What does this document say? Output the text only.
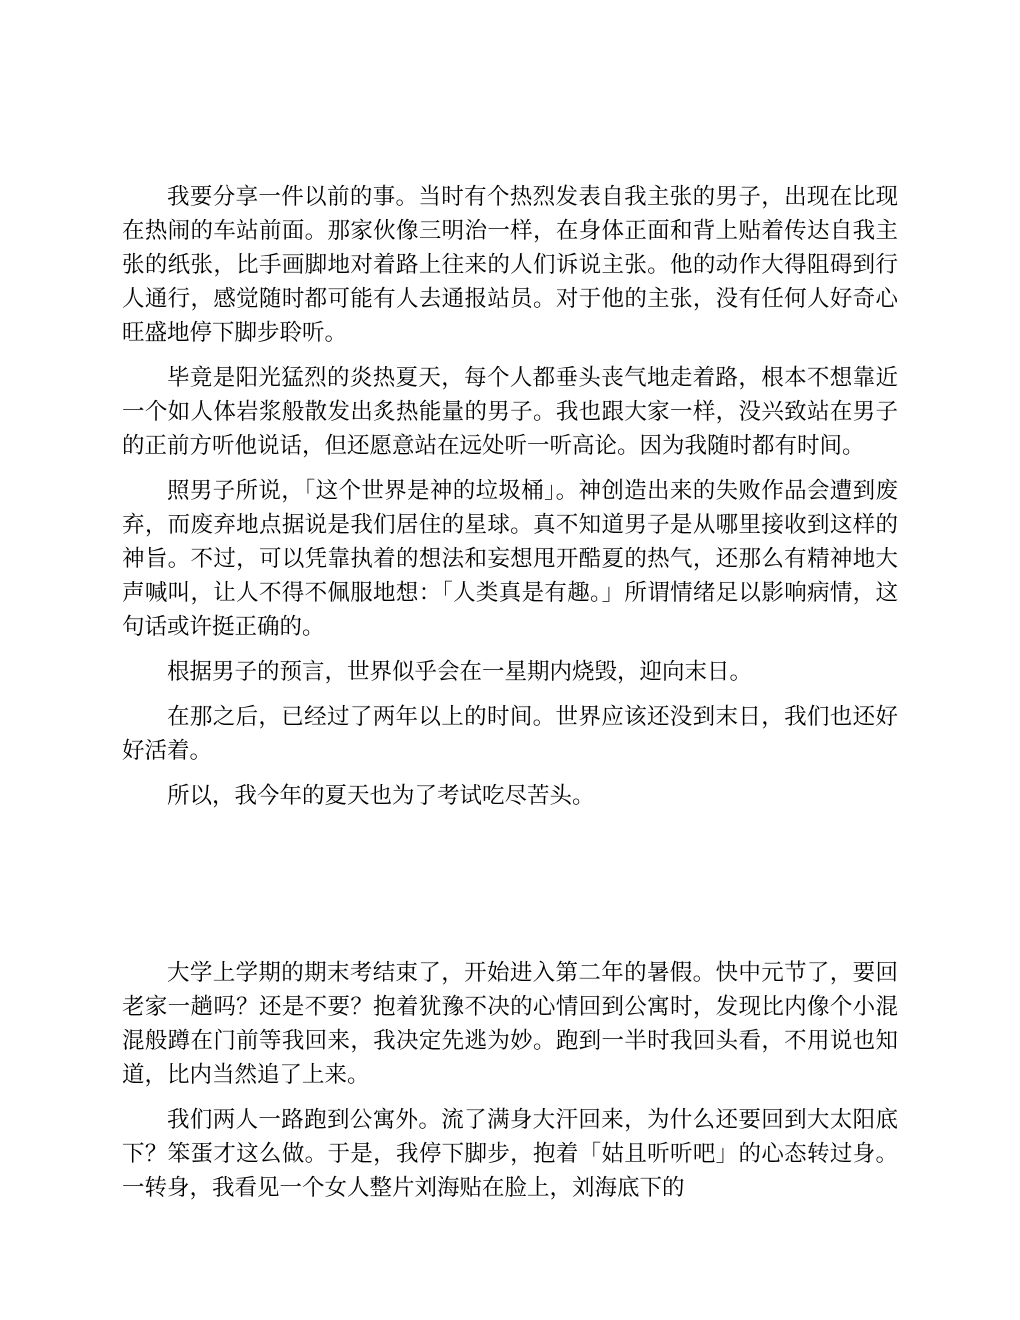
我要分享一件以前的事。当时有个热烈发表自我主张的男子，出现在比现在热闹的车站前面。那家伙像三明治一样，在身体正面和背上贴着传达自我主张的纸张，比手画脚地对着路上往来的人们诉说主张。他的动作大得阻碍到行人通行，感觉随时都可能有人去通报站员。对于他的主张，没有任何人好奇心旺盛地停下脚步聆听。

毕竟是阳光猛烈的炎热夏天，每个人都垂头丧气地走着路，根本不想靠近一个如人体岩浆般散发出炙热能量的男子。我也跟大家一样，没兴致站在男子的正前方听他说话，但还愿意站在远处听一听高论。因为我随时都有时间。

照男子所说，「这个世界是神的垃圾桶」。神创造出来的失败作品会遭到废弃，而废弃地点据说是我们居住的星球。真不知道男子是从哪里接收到这样的神旨。不过，可以凭靠执着的想法和妄想甩开酷夏的热气，还那么有精神地大声喊叫，让人不得不佩服地想：「人类真是有趣。」所谓情绪足以影响病情，这句话或许挺正确的。

根据男子的预言，世界似乎会在一星期内烧毁，迎向末日。

在那之后，已经过了两年以上的时间。世界应该还没到末日，我们也还好好活着。

所以，我今年的夏天也为了考试吃尽苦头。

大学上学期的期末考结束了，开始进入第二年的暑假。快中元节了，要回老家一趟吗？还是不要？抱着犹豫不决的心情回到公寓时，发现比内像个小混混般蹲在门前等我回来，我决定先逃为妙。跑到一半时我回头看，不用说也知道，比内当然追了上来。

我们两人一路跑到公寓外。流了满身大汗回来，为什么还要回到大太阳底下？笨蛋才这么做。于是，我停下脚步，抱着「姑且听听吧」的心态转过身。一转身，我看见一个女人整片刘海贴在脸上，刘海底下的
